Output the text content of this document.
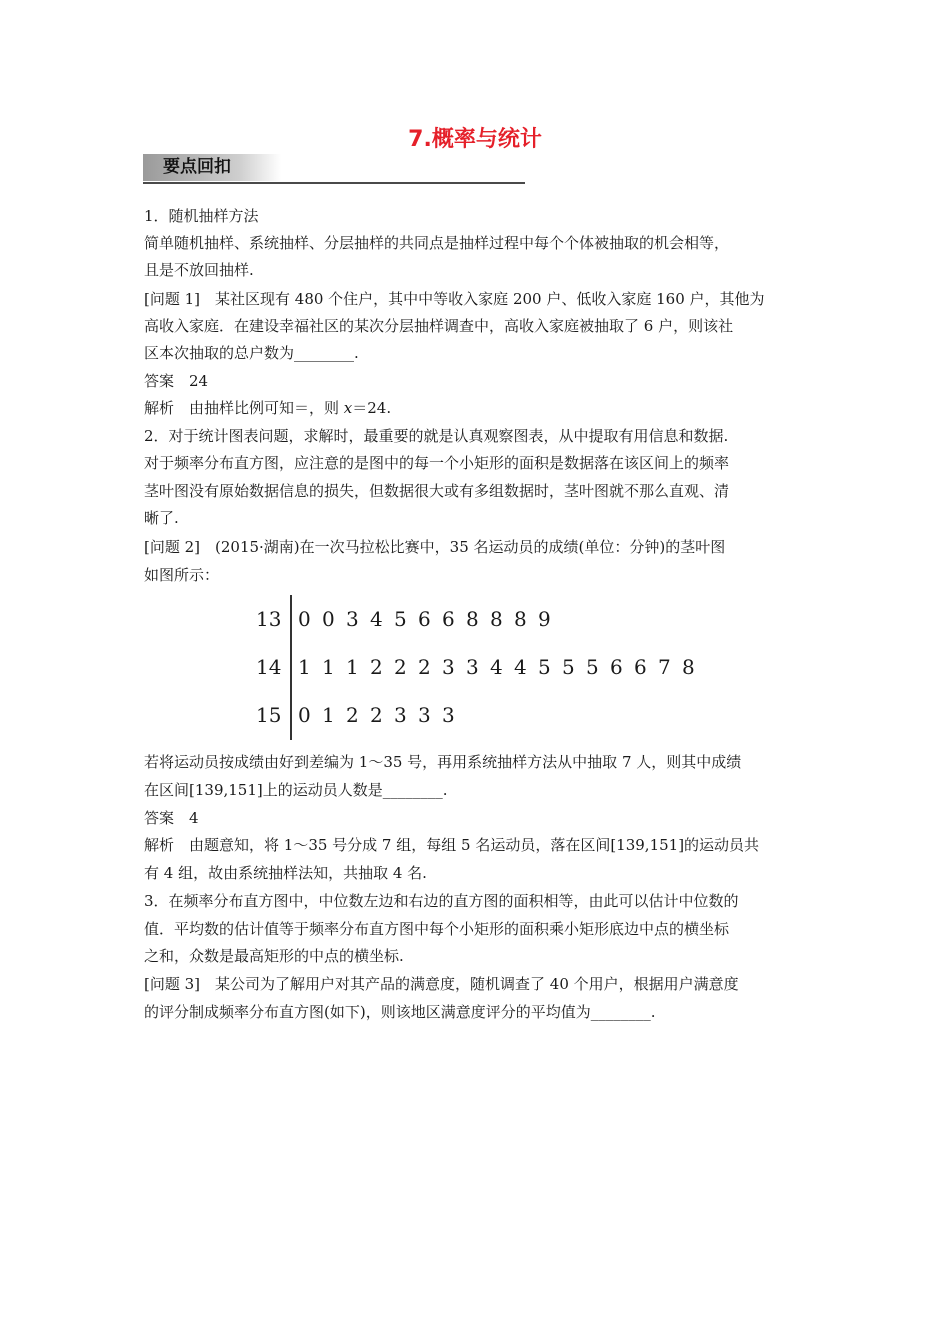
7.概率与统计
要点回扣
1．随机抽样方法
简单随机抽样、系统抽样、分层抽样的共同点是抽样过程中每个个体被抽取的机会相等，
且是不放回抽样.
[问题 1]　某社区现有 480 个住户，其中中等收入家庭 200 户、低收入家庭 160 户，其他为
高收入家庭．在建设幸福社区的某次分层抽样调查中，高收入家庭被抽取了 6 户，则该社
区本次抽取的总户数为________.
答案　24
解析　由抽样比例可知＝，则 x＝24.
2．对于统计图表问题，求解时，最重要的就是认真观察图表，从中提取有用信息和数据.
对于频率分布直方图，应注意的是图中的每一个小矩形的面积是数据落在该区间上的频率
茎叶图没有原始数据信息的损失，但数据很大或有多组数据时，茎叶图就不那么直观、清
晰了.
[问题 2]　(2015·湖南)在一次马拉松比赛中，35 名运动员的成绩(单位：分钟)的茎叶图
如图所示：
13 0 0 3 4 5 6 6 8 8 8 9
14 1 1 1 2 2 2 3 3 4 4 5 5 5 6 6 7 8
15 0 1 2 2 3 3 3
若将运动员按成绩由好到差编为 1～35 号，再用系统抽样方法从中抽取 7 人，则其中成绩
在区间[139,151]上的运动员人数是________.
答案　4
解析　由题意知，将 1～35 号分成 7 组，每组 5 名运动员，落在区间[139,151]的运动员共
有 4 组，故由系统抽样法知，共抽取 4 名.
3．在频率分布直方图中，中位数左边和右边的直方图的面积相等，由此可以估计中位数的
值．平均数的估计值等于频率分布直方图中每个小矩形的面积乘小矩形底边中点的横坐标
之和，众数是最高矩形的中点的横坐标.
[问题 3]　某公司为了解用户对其产品的满意度，随机调查了 40 个用户，根据用户满意度
的评分制成频率分布直方图(如下)，则该地区满意度评分的平均值为________.
